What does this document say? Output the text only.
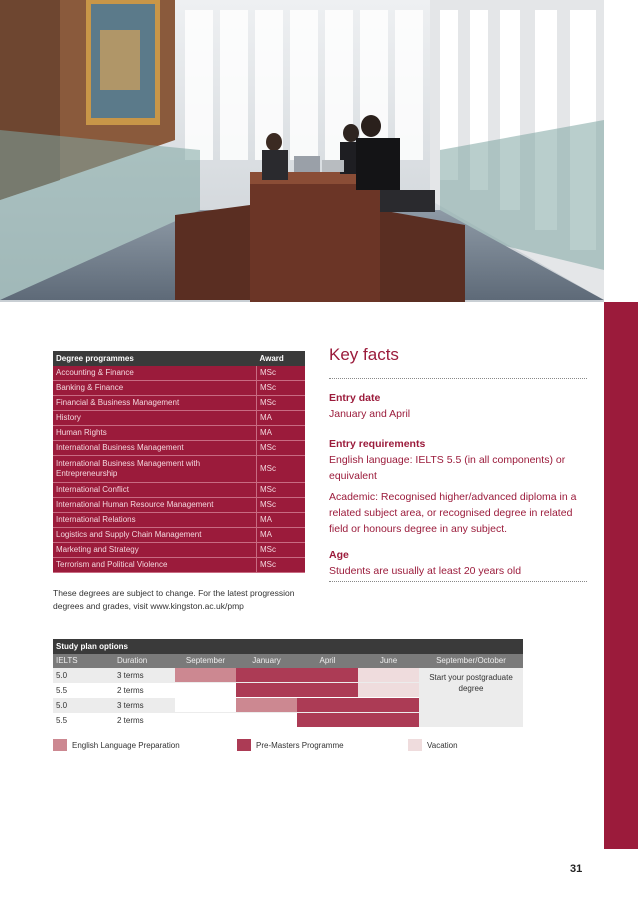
Degree programmes	Award
Accounting & Finance	MSc
Banking & Finance	MSc
Financial & Business Management	MSc
History	MA
Human Rights	MA
International Business Management	MSc
International Business Management with Entrepreneurship	MSc
International Conflict	MSc
International Human Resource Management	MSc
International Relations	MA
Logistics and Supply Chain Management	MA
Marketing and Strategy	MSc
Terrorism and Political Violence	MSc
These degrees are subject to change. For the latest progression degrees and grades, visit www.kingston.ac.uk/pmp
Key facts
Entry date
January and April
Entry requirements
English language: IELTS 5.5 (in all components) or equivalent
Academic: Recognised higher/advanced diploma in a related subject area, or recognised degree in related field or honours degree in any subject.
Age
Students are usually at least 20 years old
Study plan options
IELTS	Duration	September	January	April	June	September/October
5.0	3 terms
5.5	2 terms
5.0	3 terms
5.5	2 terms
Start your postgraduate degree
English Language Preparation	Pre-Masters Programme	Vacation
31
